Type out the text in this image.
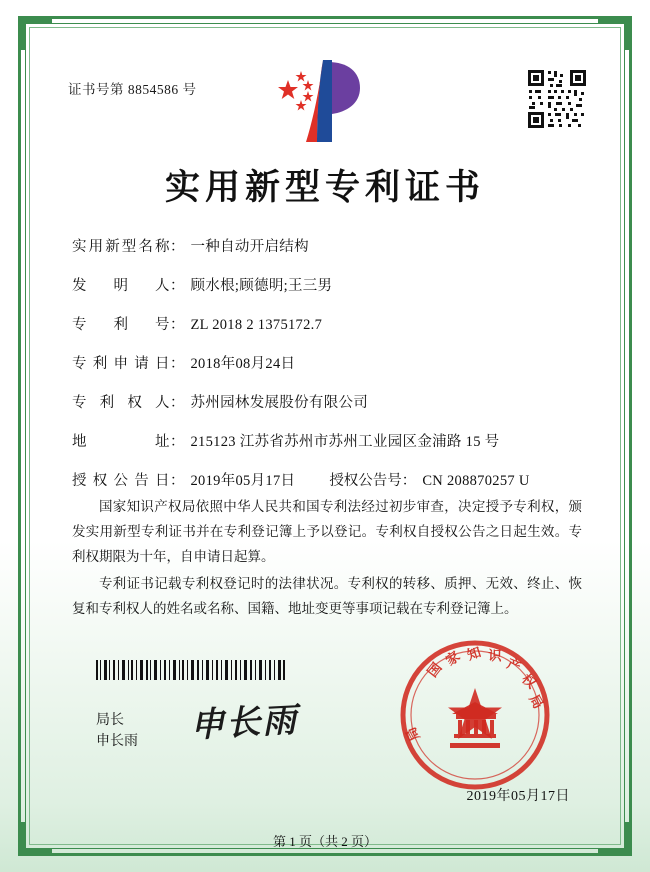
证书号第 8854586 号
实用新型专利证书
实用新型名称 ： 一种自动开启结构
发明人 ： 顾水根;顾德明;王三男
专利号 ： ZL 2018 2 1375172.7
专利申请日 ： 2018年08月24日
专利权人 ： 苏州园林发展股份有限公司
地址 ： 215123 江苏省苏州市苏州工业园区金浦路 15 号
授权公告日 ： 2019年05月17日 授权公告号： CN 208870257 U

国家知识产权局依照中华人民共和国专利法经过初步审查，决定授予专利权，颁发实用新型专利证书并在专利登记簿上予以登记。专利权自授权公告之日起生效。专利权期限为十年，自申请日起算。

专利证书记载专利权登记时的法律状况。专利权的转移、质押、无效、终止、恢复和专利权人的姓名或名称、国籍、地址变更等事项记载在专利登记簿上。

局长
申长雨 申长雨
国
家 知 识
产
权
局
局
2019年05月17日
第 1 页（共 2 页）
